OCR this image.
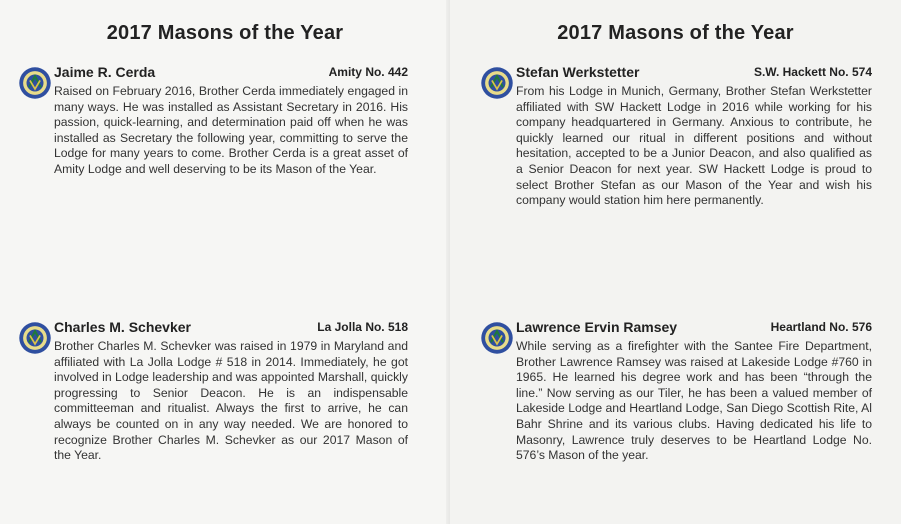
2017 Masons of the Year
Jaime R. Cerda	Amity No. 442

Raised on February 2016, Brother Cerda immediately engaged in many ways. He was installed as Assistant Secretary in 2016. His passion, quick-learning, and determination paid off when he was installed as Secretary the following year, committing to serve the Lodge for many years to come. Brother Cerda is a great asset of Amity Lodge and well deserving to be its Mason of the Year.

Charles M. Schevker	La Jolla No. 518

Brother Charles M. Schevker was raised in 1979 in Maryland and affiliated with La Jolla Lodge # 518 in 2014. Immediately, he got involved in Lodge leadership and was appointed Marshall, quickly progressing to Senior Deacon. He is an indispensable committeeman and ritualist. Always the first to arrive, he can always be counted on in any way needed. We are honored to recognize Brother Charles M. Schevker as our 2017 Mason of the Year.

2017 Masons of the Year
Stefan Werkstetter	S.W. Hackett No. 574

From his Lodge in Munich, Germany, Brother Stefan Werkstetter affiliated with SW Hackett Lodge in 2016 while working for his company headquartered in Germany. Anxious to contribute, he quickly learned our ritual in different positions and without hesitation, accepted to be a Junior Deacon, and also qualified as a Senior Deacon for next year. SW Hackett Lodge is proud to select Brother Stefan as our Mason of the Year and wish his company would station him here permanently.

Lawrence Ervin Ramsey	Heartland No. 576

While serving as a firefighter with the Santee Fire Department, Brother Lawrence Ramsey was raised at Lakeside Lodge #760 in 1965. He learned his degree work and has been “through the line.” Now serving as our Tiler, he has been a valued member of Lakeside Lodge and Heartland Lodge, San Diego Scottish Rite, Al Bahr Shrine and its various clubs. Having dedicated his life to Masonry, Lawrence truly deserves to be Heartland Lodge No. 576’s Mason of the year.
